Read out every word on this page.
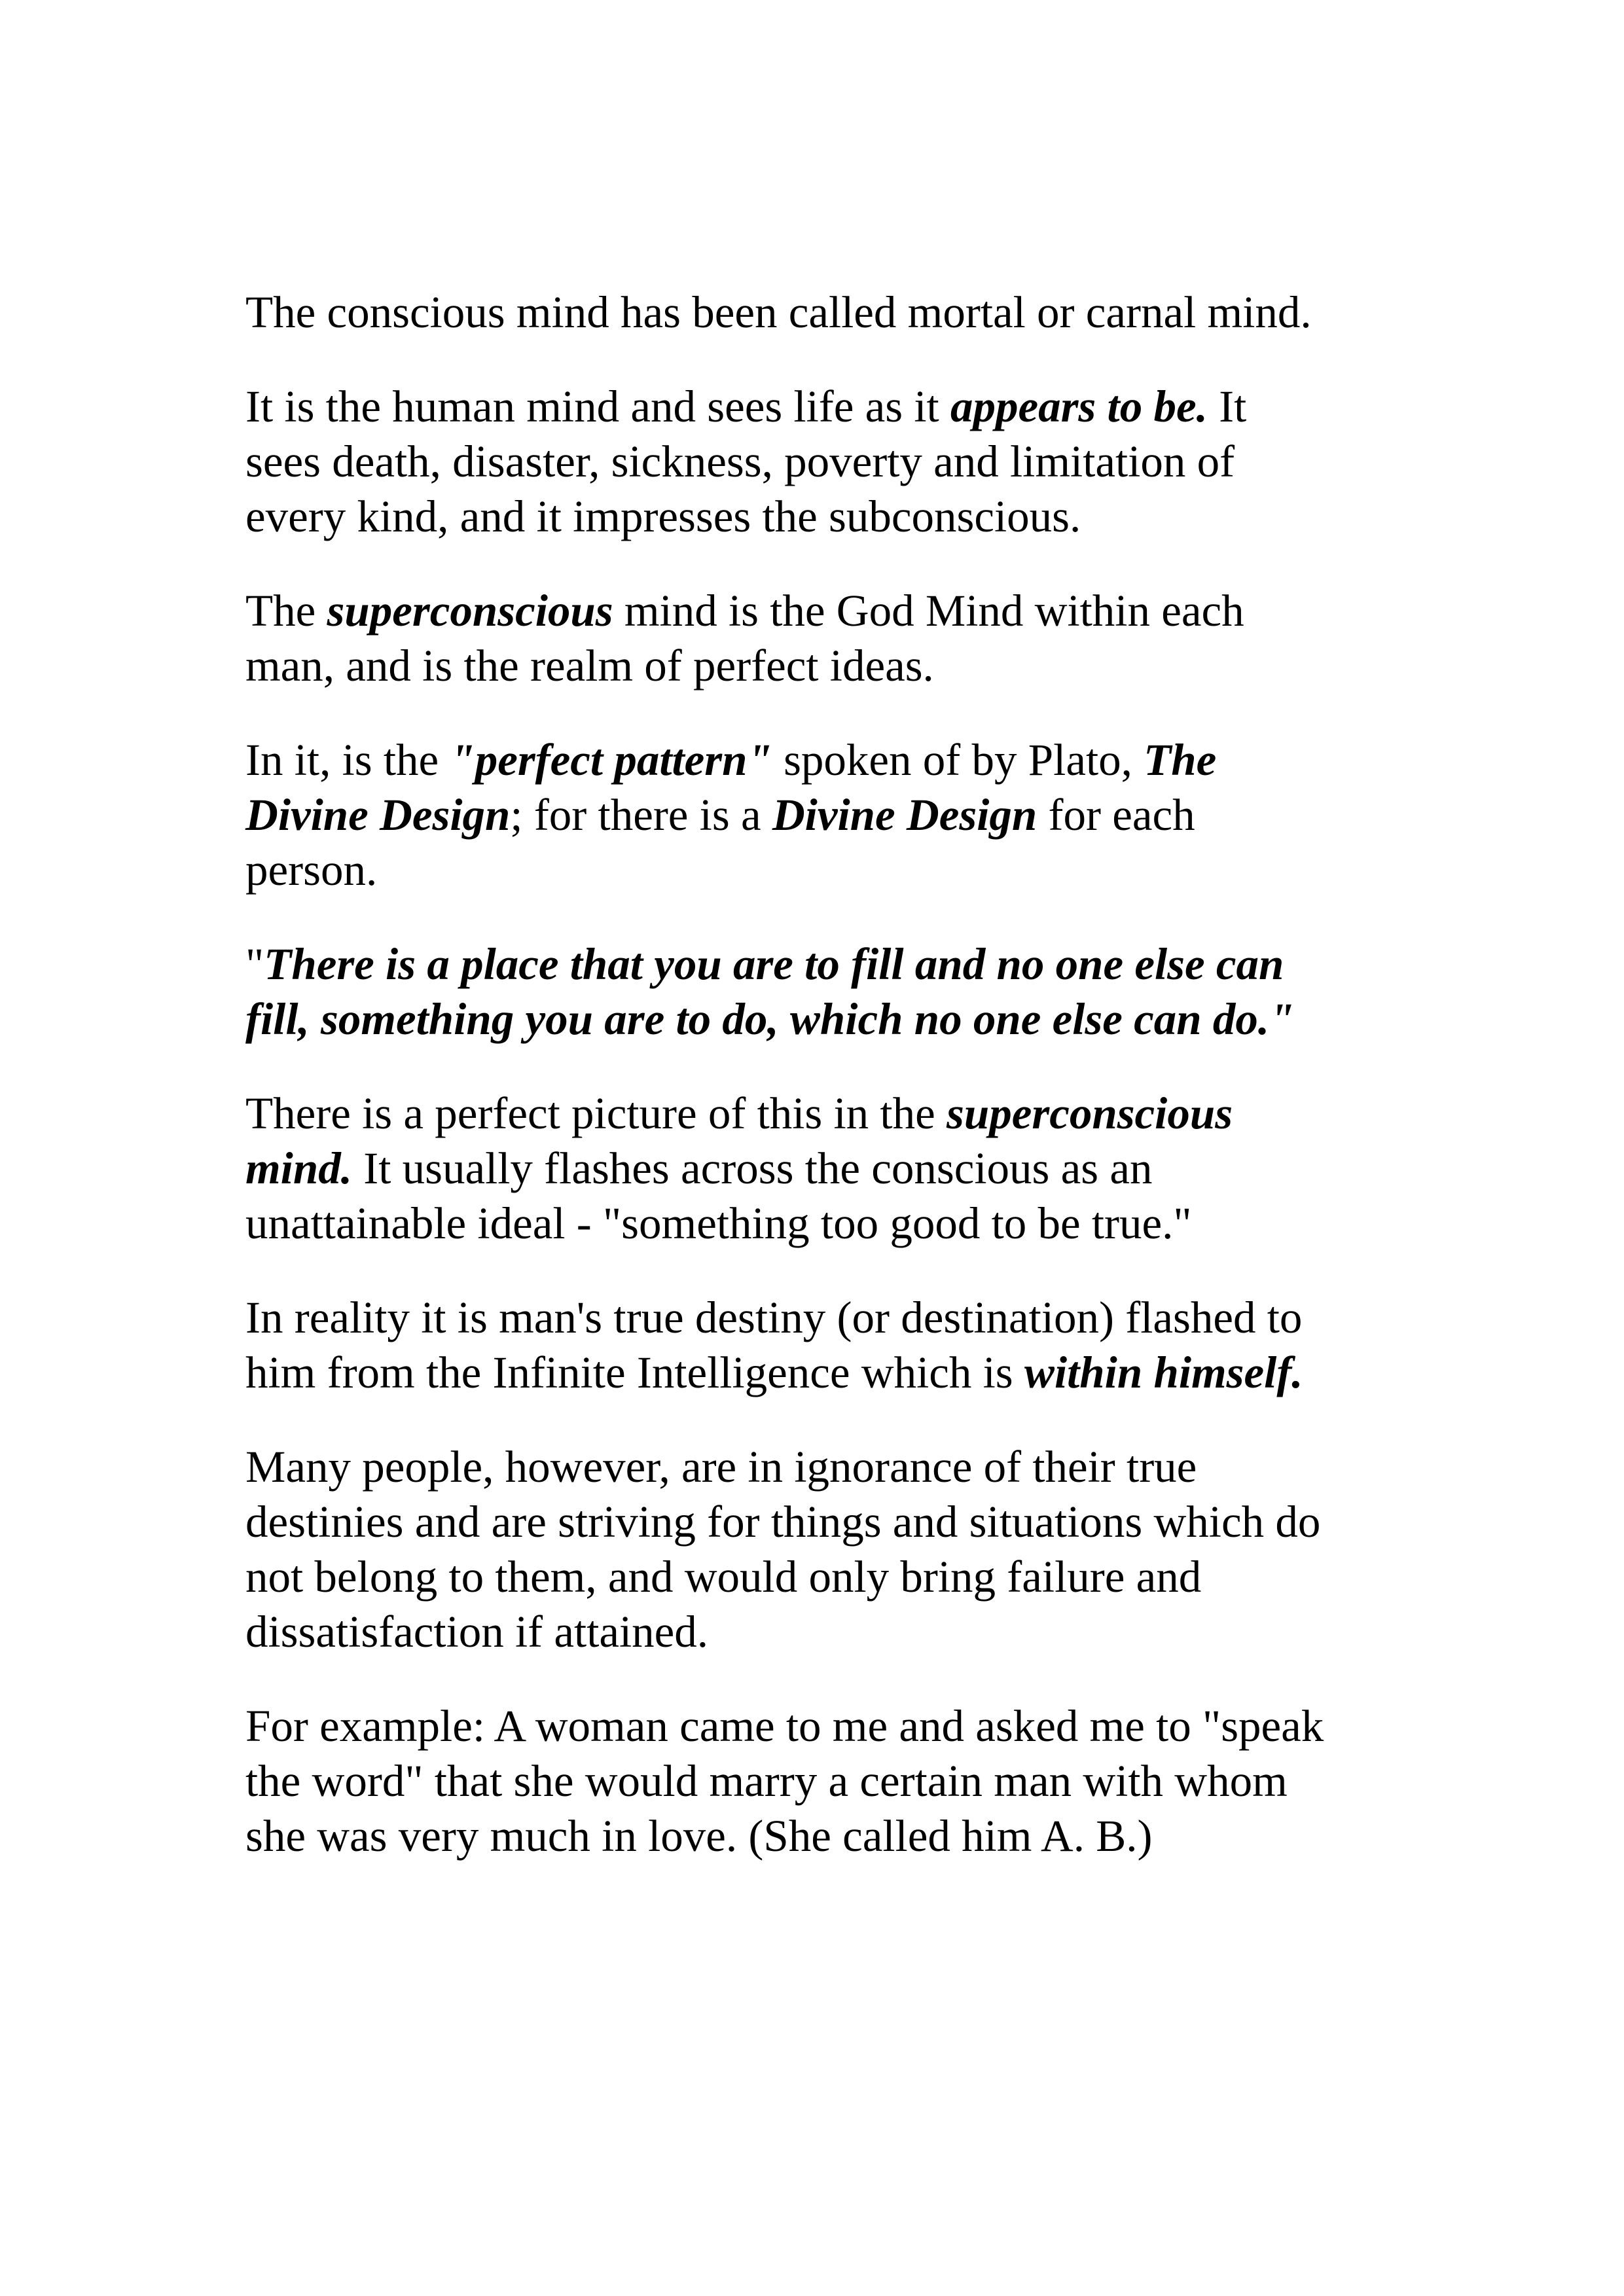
The conscious mind has been called mortal or carnal mind.

It is the human mind and sees life as it appears to be. It
sees death, disaster, sickness, poverty and limitation of
every kind, and it impresses the subconscious.

The superconscious mind is the God Mind within each
man, and is the realm of perfect ideas.

In it, is the "perfect pattern" spoken of by Plato, The
Divine Design; for there is a Divine Design for each
person.

"There is a place that you are to fill and no one else can
fill, something you are to do, which no one else can do."

There is a perfect picture of this in the superconscious
mind. It usually flashes across the conscious as an
unattainable ideal - "something too good to be true."

In reality it is man's true destiny (or destination) flashed to
him from the Infinite Intelligence which is within himself.

Many people, however, are in ignorance of their true
destinies and are striving for things and situations which do
not belong to them, and would only bring failure and
dissatisfaction if attained.

For example: A woman came to me and asked me to "speak
the word" that she would marry a certain man with whom
she was very much in love. (She called him A. B.)
